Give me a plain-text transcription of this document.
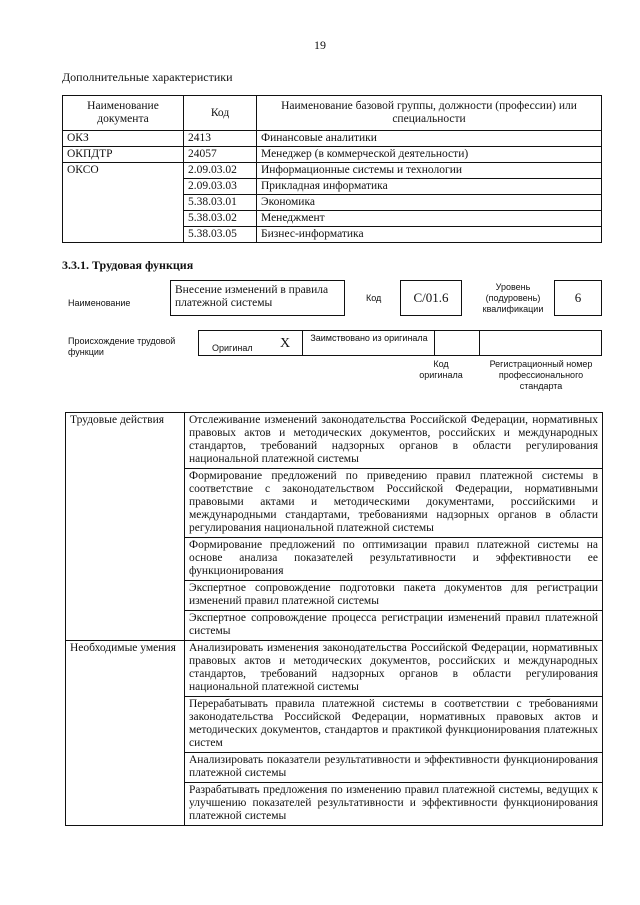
19
Дополнительные характеристики
Наименование документа	Код	Наименование базовой группы, должности (профессии) или специальности
ОКЗ	2413	Финансовые аналитики
ОКПДТР	24057	Менеджер (в коммерческой деятельности)
ОКСО	2.09.03.02	Информационные системы и технологии
	2.09.03.03	Прикладная информатика
	5.38.03.01	Экономика
	5.38.03.02	Менеджмент
	5.38.03.05	Бизнес-информатика
3.3.1. Трудовая функция
Наименование
Внесение изменений в правила платежной системы	Код	C/01.6
Уровень (подуровень) квалификации
6
Происхождение трудовой функции	Оригинал X	Заимствовано из оригинала
Код оригинала
Регистрационный номер профессионального стандарта
Трудовые действия	Отслеживание изменений законодательства Российской Федерации, нормативных правовых актов и методических документов, российских и международных стандартов, требований надзорных органов в области регулирования национальной платежной системы
	Формирование предложений по приведению правил платежной системы в соответствие с законодательством Российской Федерации, нормативными правовыми актами и методическими документами, российскими и международными стандартами, требованиями надзорных органов в области регулирования национальной платежной системы
	Формирование предложений по оптимизации правил платежной системы на основе анализа показателей результативности и эффективности ее функционирования
	Экспертное сопровождение подготовки пакета документов для регистрации изменений правил платежной системы
	Экспертное сопровождение процесса регистрации изменений правил платежной системы
Необходимые умения	Анализировать изменения законодательства Российской Федерации, нормативных правовых актов и методических документов, российских и международных стандартов, требований надзорных органов в области регулирования национальной платежной системы
	Перерабатывать правила платежной системы в соответствии с требованиями законодательства Российской Федерации, нормативных правовых актов и методических документов, стандартов и практикой функционирования платежных систем
	Анализировать показатели результативности и эффективности функционирования платежной системы
	Разрабатывать предложения по изменению правил платежной системы, ведущих к улучшению показателей результативности и эффективности функционирования платежной системы
